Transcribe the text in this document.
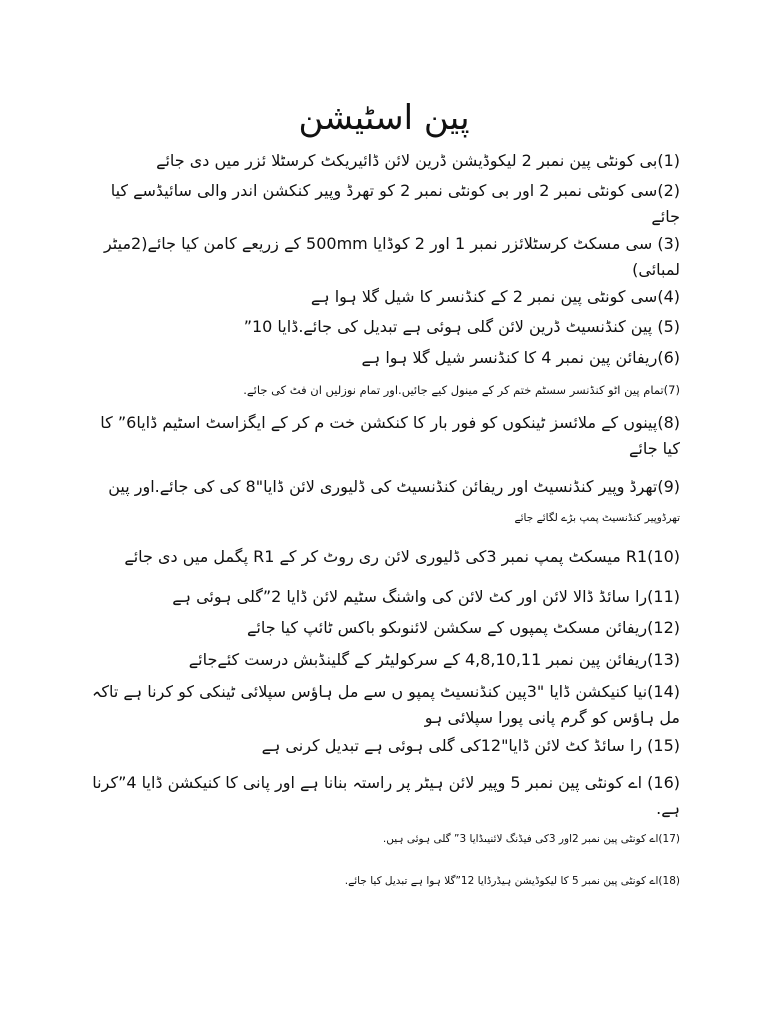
پین اسٹیشن

(1)بی کونٹی پین نمبر 2 لیکوڈیشن ڈرین لائن ڈائیریکٹ کرسٹلا ئزر میں دی جائے

(2)سی کونٹی نمبر 2 اور بی کونٹی نمبر 2 کو تھرڈ وپیر کنکشن اندر والی سائیڈسے کیا جائے

(3) سی مسکٹ کرسٹلائزر نمبر 1 اور 2 کوڈایا 500mm کے زریعے کامن کیا جائے(2میٹر لمبائی)

(4)سی کونٹی پین نمبر 2 کے کنڈنسر کا شیل گلا ہوا ہے

(5) پین کنڈنسیٹ ڈرین لائن گلی ہوئی ہے تبدیل کی جائے.ڈایا 10”

(6)ریفائن پین نمبر 4 کا کنڈنسر شیل گلا ہوا ہے

(7)تمام پین اٹو کنڈنسر سسٹم ختم کر کے مینول کیے جائیں.اور تمام نوزلیں ان فٹ کی جائے.

(8)پینوں کے ملائسز ٹینکوں کو فور بار کا کنکشن خت م کر کے ایگزاسٹ اسٹیم ڈایا6” کا کیا جائے

(9)تھرڈ وپیر کنڈنسیٹ اور ریفائن کنڈنسیٹ کی ڈلیوری لائن ڈایا"8 کی کی جائے.اور پین

تھرڈوپیر کنڈنسیٹ پمپ بڑے لگائے جائے

R1(10) میسکٹ پمپ نمبر 3کی ڈلیوری لائن ری روٹ کر کے R1 پگمل میں دی جائے

(11)را سائڈ ڈالا لائن اور کٹ لائن کی واشنگ سٹیم لائن ڈایا 2”گلی ہوئی ہے

(12)ریفائن مسکٹ پمپوں کے سکشن لائنوںکو باکس ٹائپ کیا جائے

(13)ریفائن پین نمبر 4,8,10,11 کے سرکولیٹر کے گلینڈبش درست کئےجائے

(14)نیا کنیکشن ڈایا "3پین کنڈنسیٹ پمپو ں سے مل ہاؤس سپلائی ٹینکی کو کرنا ہے تاکہ مل ہاؤس کو گرم پانی پورا سپلائی ہو

(15) را سائڈ کٹ لائن ڈایا"12کی گلی ہوئی ہے تبدیل کرنی ہے

(16) اے کونٹی پین نمبر 5 وپیر لائن ہیٹر پر راستہ بنانا ہے اور پانی کا کنیکشن ڈایا 4”کرنا ہے.

(17)اے کونٹی پین نمبر 2اور 3کی فیڈنگ لائنیںڈایا 3” گلی ہوئی ہیں.

(18)اے کونٹی پین نمبر 5 کا لیکوڈیشن ہیڈرڈایا 12”گلا ہوا ہے تبدیل کیا جائے.
